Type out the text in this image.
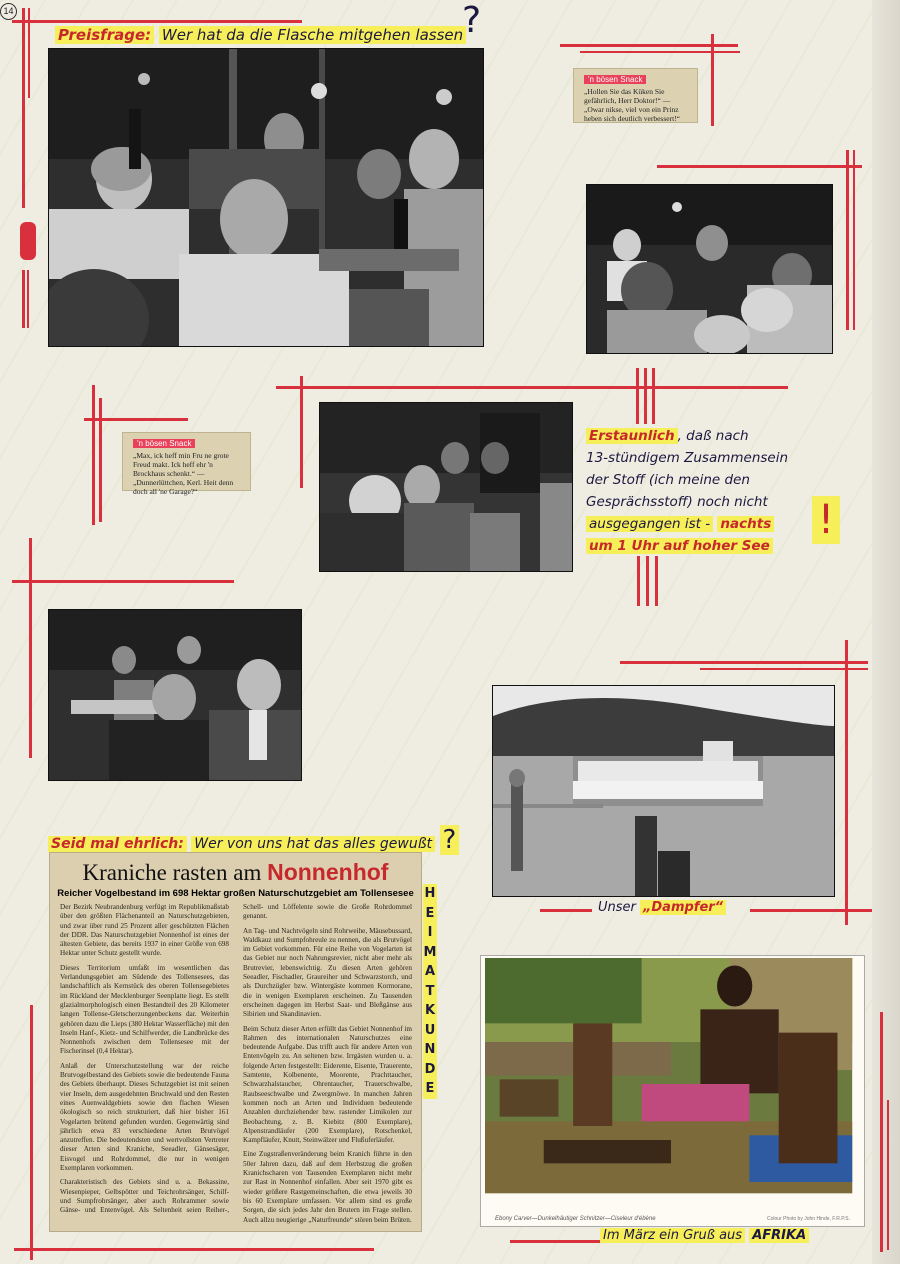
14
Preisfrage: Wer hat da die Flasche mitgehen lassen
?
'n bösen Snack
„Hollen Sie das Küken Sie gefährlich, Herr Doktor!“ — „Owar nikse, viel von ein Prinz heben sich deutlich verbessert!“
'n bösen Snack
„Max, ick heff min Fru ne grote Freud makt. Ick heff ehr 'n Brockhaus schenkt.“ — „Dunnerlüttchen, Kerl. Heit denn doch all 'ne Garage?“
Erstaunlich , daß nach
13-stündigem Zusammensein
der Stoff (ich meine den
Gesprächsstoff) noch nicht
ausgegangen ist - nachts
um 1 Uhr auf hoher See
!
Unser „Dampfer“
Seid mal ehrlich: Wer von uns hat das alles gewußt ?
Kraniche rasten am Nonnenhof
Reicher Vogelbestand im 698 Hektar großen Naturschutzgebiet am Tollensesee

Der Bezirk Neubrandenburg verfügt im Republikmaßstab über den größten Flächenanteil an Naturschutzgebieten, und zwar über rund 25 Prozent aller geschützten Flächen der DDR. Das Naturschutzgebiet Nonnenhof ist eines der ältesten Gebiete, das bereits 1937 in einer Größe von 698 Hektar unter Schutz gestellt wurde.

Dieses Territorium umfaßt im wesentlichen das Verlandungsgebiet am Südende des Tollensesees, das landschaftlich als Kernstück des oberen Tollensegebietes im Rückland der Mecklenburger Seenplatte liegt. Es stellt glazialmorphologisch einen Bestandteil des 20 Kilometer langen Tollense-Gletscherzungenbeckens dar. Weiterhin gehören dazu die Lieps (380 Hektar Wasserfläche) mit den Inseln Hanf-, Kietz- und Schilfwerder, die Landbrücke des Nonnenhofs zwischen dem Tollensesee mit der Fischerinsel (0,4 Hektar).

Anlaß der Unterschutzstellung war der reiche Brutvogelbestand des Gebiets sowie die bedeutende Fauna des Gebiets überhaupt. Dieses Schutzgebiet ist mit seinen vier Inseln, dem ausgedehnten Bruchwald und den Resten eines Auenwaldgebiets sowie den flachen Wiesen ökologisch so reich strukturiert, daß hier bisher 161 Vogelarten brütend gefunden wurden. Gegenwärtig sind jährlich etwa 83 verschiedene Arten Brutvögel anzutreffen. Die bedeutendsten und wertvollsten Vertreter dieser Arten sind Kraniche, Seeadler, Gänsesäger, Eisvogel und Rohrdommel, die nur in wenigen Exemplaren vorkommen.

Charakteristisch des Gebiets sind u. a. Bekassine, Wiesenpieper, Gelbspötter und Teichrohrsänger, Schilf- und Sumpfrohrsänger, aber auch Rohrammer sowie Gänse- und Entenvögel. Als Seltenheit seien Reiher-, Schell- und Löffelente sowie die Große Rohrdommel genannt.

An Tag- und Nachtvögeln sind Rohrweihe, Mäusebussard, Waldkauz und Sumpfohreule zu nennen, die als Brutvögel im Gebiet vorkommen. Für eine Reihe von Vogelarten ist das Gebiet nur noch Nahrungsrevier, nicht aber mehr als Brutrevier, lebenswichtig. Zu diesen Arten gehören Seeadler, Fischadler, Graureiher und Schwarzstorch, und als Durchzügler bzw. Wintergäste kommen Kormorane, die in wenigen Exemplaren erscheinen. Zu Tausenden erscheinen dagegen im Herbst Saat- und Bleßgänse aus Sibirien und Skandinavien.

Beim Schutz dieser Arten erfüllt das Gebiet Nonnenhof im Rahmen des internationalen Naturschutzes eine bedeutende Aufgabe. Das trifft auch für andere Arten von Entenvögeln zu. An seltenen bzw. Irrgästen wurden u. a. folgende Arten festgestellt: Eiderente, Eisente, Trauerente, Samtente, Kolbenente, Moorente, Prachttaucher, Schwarzhalstaucher, Ohrentaucher, Trauerschwalbe, Raubseeschwalbe und Zwergmöwe. In manchen Jahren kommen noch an Arten und Individuen bedeutende Anzahlen durchziehender bzw. rastender Limikolen zur Beobachtung, z. B. Kiebitz (800 Exemplare), Alpenstrandläufer (200 Exemplare), Rotschenkel, Kampfläufer, Knutt, Steinwälzer und Flußuferläufer.

Eine Zugstraßenveränderung beim Kranich führte in den 50er Jahren dazu, daß auf dem Herbstzug die großen Kranichscharen von Tausenden Exemplaren nicht mehr zur Rast in Nonnenhof einfallen. Aber seit 1970 gibt es wieder größere Rastgemeinschaften, die etwa jeweils 30 bis 60 Exemplare umfassen. Vor allem sind es große Sorgen, die sich jedes Jahr den Brutern im Frage stellen. Auch allzu neugierige „Naturfreunde“ stören beim Brüten.

H
E
I
M
A
T
K
U
N
D
E
Ebony Carver—Dunkelhäutiger Schnitzer—Ciseleur d'ébène	Colour Photo by John Hinde, F.R.P.S.
Im März ein Gruß aus AFRIKA
